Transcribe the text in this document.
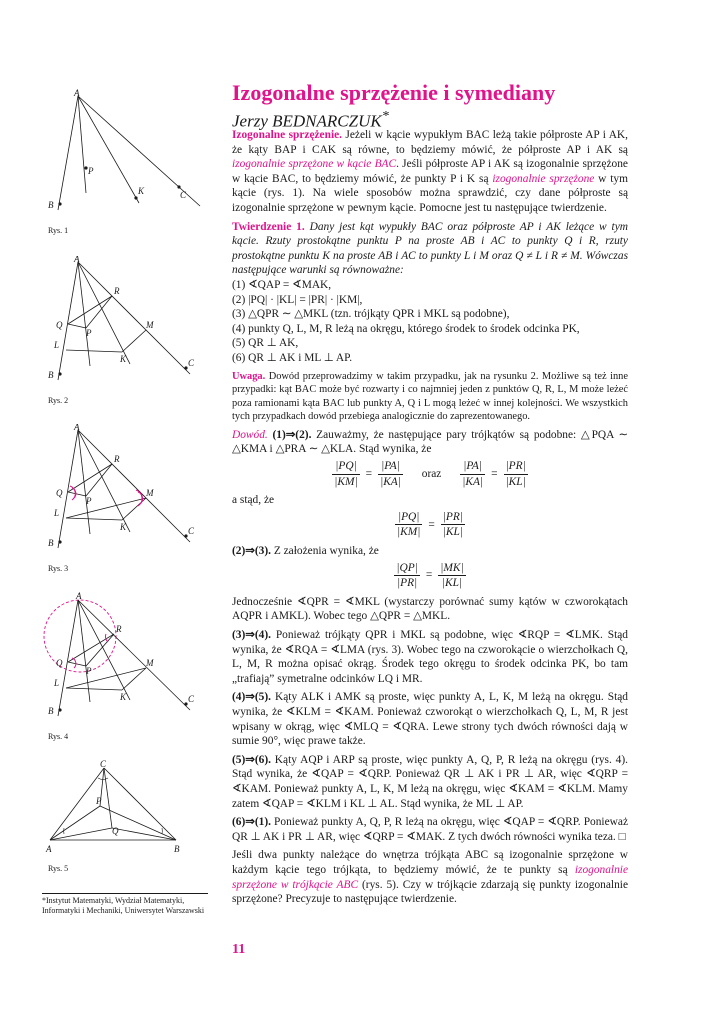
Izogonalne sprzężenie i symediany
Jerzy BEDNARCZUK*

Izogonalne sprzężenie. Jeżeli w kącie wypukłym BAC leżą takie półproste AP i AK, że kąty BAP i CAK są równe, to będziemy mówić, że półproste AP i AK są izogonalnie sprzężone w kącie BAC. Jeśli półproste AP i AK są izogonalnie sprzężone w kącie BAC, to będziemy mówić, że punkty P i K są izogonalnie sprzężone w tym kącie (rys. 1). Na wiele sposobów można sprawdzić, czy dane półproste są izogonalnie sprzężone w pewnym kącie. Pomocne jest tu następujące twierdzenie.

Twierdzenie 1. Dany jest kąt wypukły BAC oraz półproste AP i AK leżące w tym kącie. Rzuty prostokątne punktu P na proste AB i AC to punkty Q i R, rzuty prostokątne punktu K na proste AB i AC to punkty L i M oraz Q ≠ L i R ≠ M. Wówczas następujące warunki są równoważne:

(1) ∢QAP = ∢MAK,
(2) |PQ| · |KL| = |PR| · |KM|,
(3) △QPR ∼ △MKL (tzn. trójkąty QPR i MKL są podobne),
(4) punkty Q, L, M, R leżą na okręgu, którego środek to środek odcinka PK,
(5) QR ⊥ AK,
(6) QR ⊥ AK i ML ⊥ AP.

Uwaga. Dowód przeprowadzimy w takim przypadku, jak na rysunku 2. Możliwe są też inne przypadki: kąt BAC może być rozwarty i co najmniej jeden z punktów Q, R, L, M może leżeć poza ramionami kąta BAC lub punkty A, Q i L mogą leżeć w innej kolejności. We wszystkich tych przypadkach dowód przebiega analogicznie do zaprezentowanego.

Dowód. (1)⇒(2). Zauważmy, że następujące pary trójkątów są podobne: △PQA ∼ △KMA i △PRA ∼ △KLA. Stąd wynika, że

$\frac{|PQ|}{|KM|} = \frac{|PA|}{|KA|}$ oraz $\frac{|PA|}{|KA|} = \frac{|PR|}{|KL|}$

a stąd, że

$\frac{|PQ|}{|KM|} = \frac{|PR|}{|KL|}$

(2)⇒(3). Z założenia wynika, że

$\frac{|QP|}{|PR|} = \frac{|MK|}{|KL|}$

Jednocześnie ∢QPR = ∢MKL (wystarczy porównać sumy kątów w czworokątach AQPR i AMKL). Wobec tego △QPR = △MKL.

(3)⇒(4). Ponieważ trójkąty QPR i MKL są podobne, więc ∢RQP = ∢LMK. Stąd wynika, że ∢RQA = ∢LMA (rys. 3). Wobec tego na czworokącie o wierzchołkach Q, L, M, R można opisać okrąg. Środek tego okręgu to środek odcinka PK, bo tam „trafiają” symetralne odcinków LQ i MR.

(4)⇒(5). Kąty ALK i AMK są proste, więc punkty A, L, K, M leżą na okręgu. Stąd wynika, że ∢KLM = ∢KAM. Ponieważ czworokąt o wierzchołkach Q, L, M, R jest wpisany w okrąg, więc ∢MLQ = ∢QRA. Lewe strony tych dwóch równości dają w sumie 90°, więc prawe także.

(5)⇒(6). Kąty AQP i ARP są proste, więc punkty A, Q, P, R leżą na okręgu (rys. 4). Stąd wynika, że ∢QAP = ∢QRP. Ponieważ QR ⊥ AK i PR ⊥ AR, więc ∢QRP = ∢KAM. Ponieważ punkty A, L, K, M leżą na okręgu, więc ∢KAM = ∢KLM. Mamy zatem ∢QAP = ∢KLM i KL ⊥ AL. Stąd wynika, że ML ⊥ AP.

(6)⇒(1). Ponieważ punkty A, Q, P, R leżą na okręgu, więc ∢QAP = ∢QRP. Ponieważ QR ⊥ AK i PR ⊥ AR, więc ∢QRP = ∢MAK. Z tych dwóch równości wynika teza. □

Jeśli dwa punkty należące do wnętrza trójkąta ABC są izogonalnie sprzężone w każdym kącie tego trójkąta, to będziemy mówić, że te punkty są izogonalnie sprzężone w trójkącie ABC (rys. 5). Czy w trójkącie zdarzają się punkty izogonalnie sprzężone? Precyzuje to następujące twierdzenie.

A
P
K
B
C
Rys. 1
A
R
M
Q
P
L
K
B
C
Rys. 2
A
R
M
Q
P
L
K
B
C
Rys. 3
A
R
M
Q
P
L
K
B
C
Rys. 4
C
P
Q
A	B
Rys. 5
*Instytut Matematyki, Wydział Matematyki, Informatyki i Mechaniki, Uniwersytet Warszawski
11
